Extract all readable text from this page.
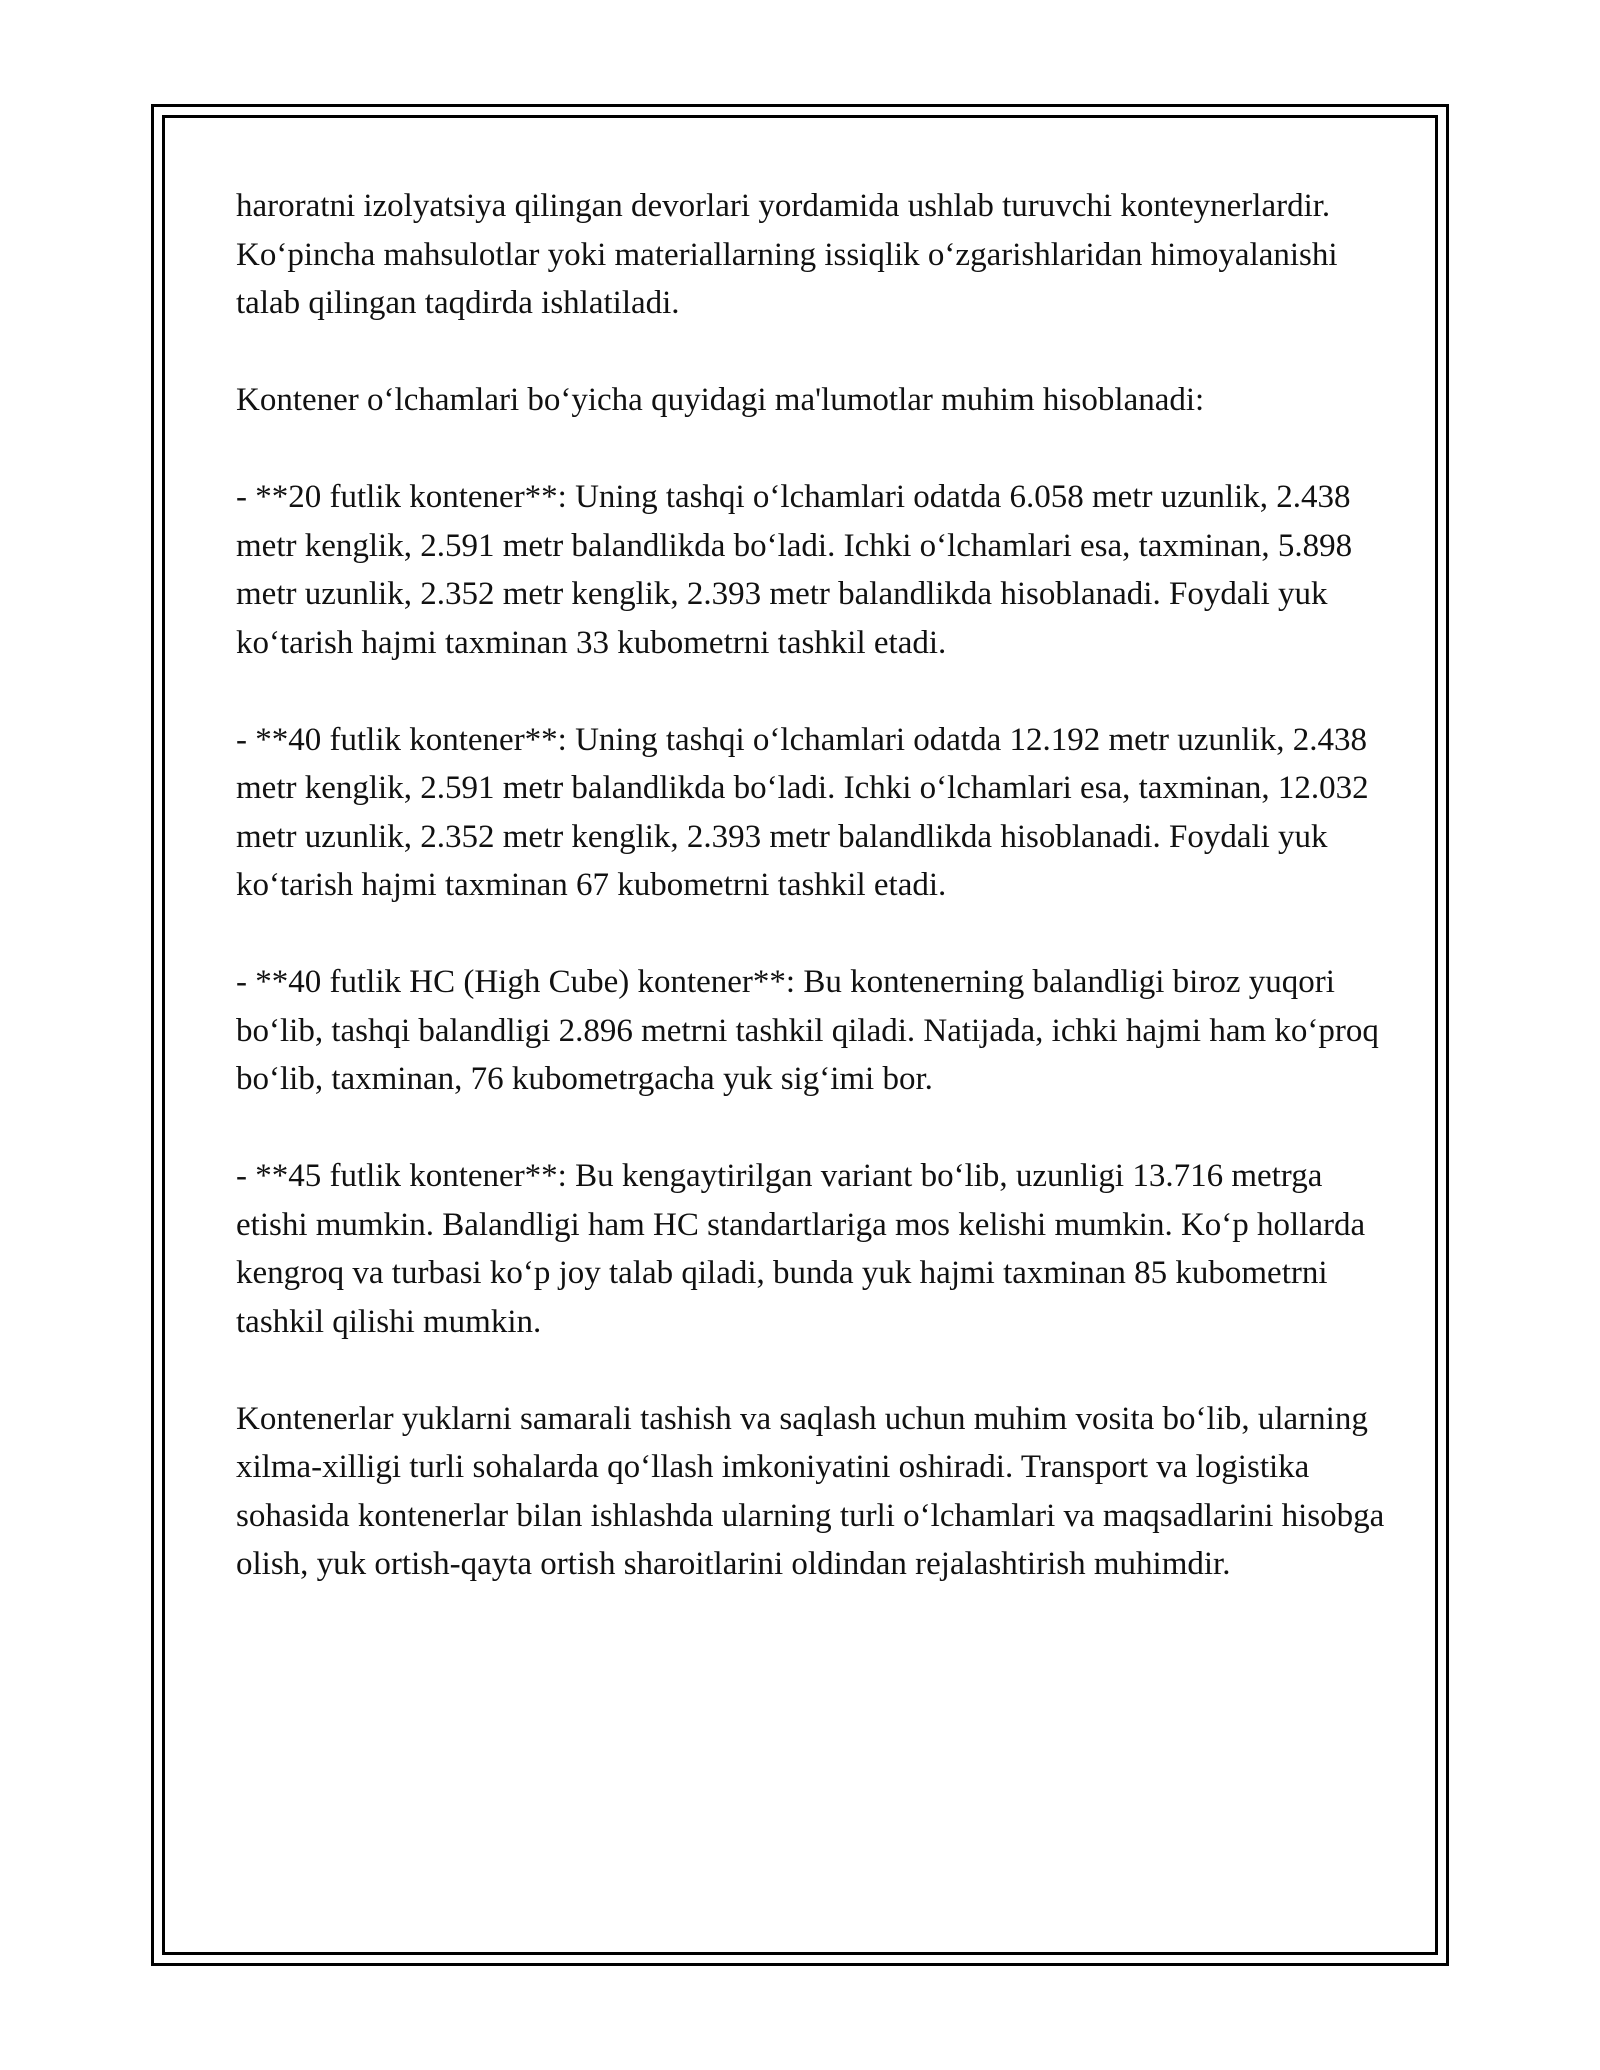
haroratni izolyatsiya qilingan devorlari yordamida ushlab turuvchi konteynerlardir. Ko‘pincha mahsulotlar yoki materiallarning issiqlik o‘zgarishlaridan himoyalanishi talab qilingan taqdirda ishlatiladi.

Kontener o‘lchamlari bo‘yicha quyidagi ma'lumotlar muhim hisoblanadi:

- **20 futlik kontener**: Uning tashqi o‘lchamlari odatda 6.058 metr uzunlik, 2.438 metr kenglik, 2.591 metr balandlikda bo‘ladi. Ichki o‘lchamlari esa, taxminan, 5.898 metr uzunlik, 2.352 metr kenglik, 2.393 metr balandlikda hisoblanadi. Foydali yuk ko‘tarish hajmi taxminan 33 kubometrni tashkil etadi.

- **40 futlik kontener**: Uning tashqi o‘lchamlari odatda 12.192 metr uzunlik, 2.438 metr kenglik, 2.591 metr balandlikda bo‘ladi. Ichki o‘lchamlari esa, taxminan, 12.032 metr uzunlik, 2.352 metr kenglik, 2.393 metr balandlikda hisoblanadi. Foydali yuk ko‘tarish hajmi taxminan 67 kubometrni tashkil etadi.

- **40 futlik HC (High Cube) kontener**: Bu kontenerning balandligi biroz yuqori bo‘lib, tashqi balandligi 2.896 metrni tashkil qiladi. Natijada, ichki hajmi ham ko‘proq bo‘lib, taxminan, 76 kubometrgacha yuk sig‘imi bor.

- **45 futlik kontener**: Bu kengaytirilgan variant bo‘lib, uzunligi 13.716 metrga etishi mumkin. Balandligi ham HC standartlariga mos kelishi mumkin. Ko‘p hollarda kengroq va turbasi ko‘p joy talab qiladi, bunda yuk hajmi taxminan 85 kubometrni tashkil qilishi mumkin.

Kontenerlar yuklarni samarali tashish va saqlash uchun muhim vosita bo‘lib, ularning xilma-xilligi turli sohalarda qo‘llash imkoniyatini oshiradi. Transport va logistika sohasida kontenerlar bilan ishlashda ularning turli o‘lchamlari va maqsadlarini hisobga olish, yuk ortish-qayta ortish sharoitlarini oldindan rejalashtirish muhimdir.
